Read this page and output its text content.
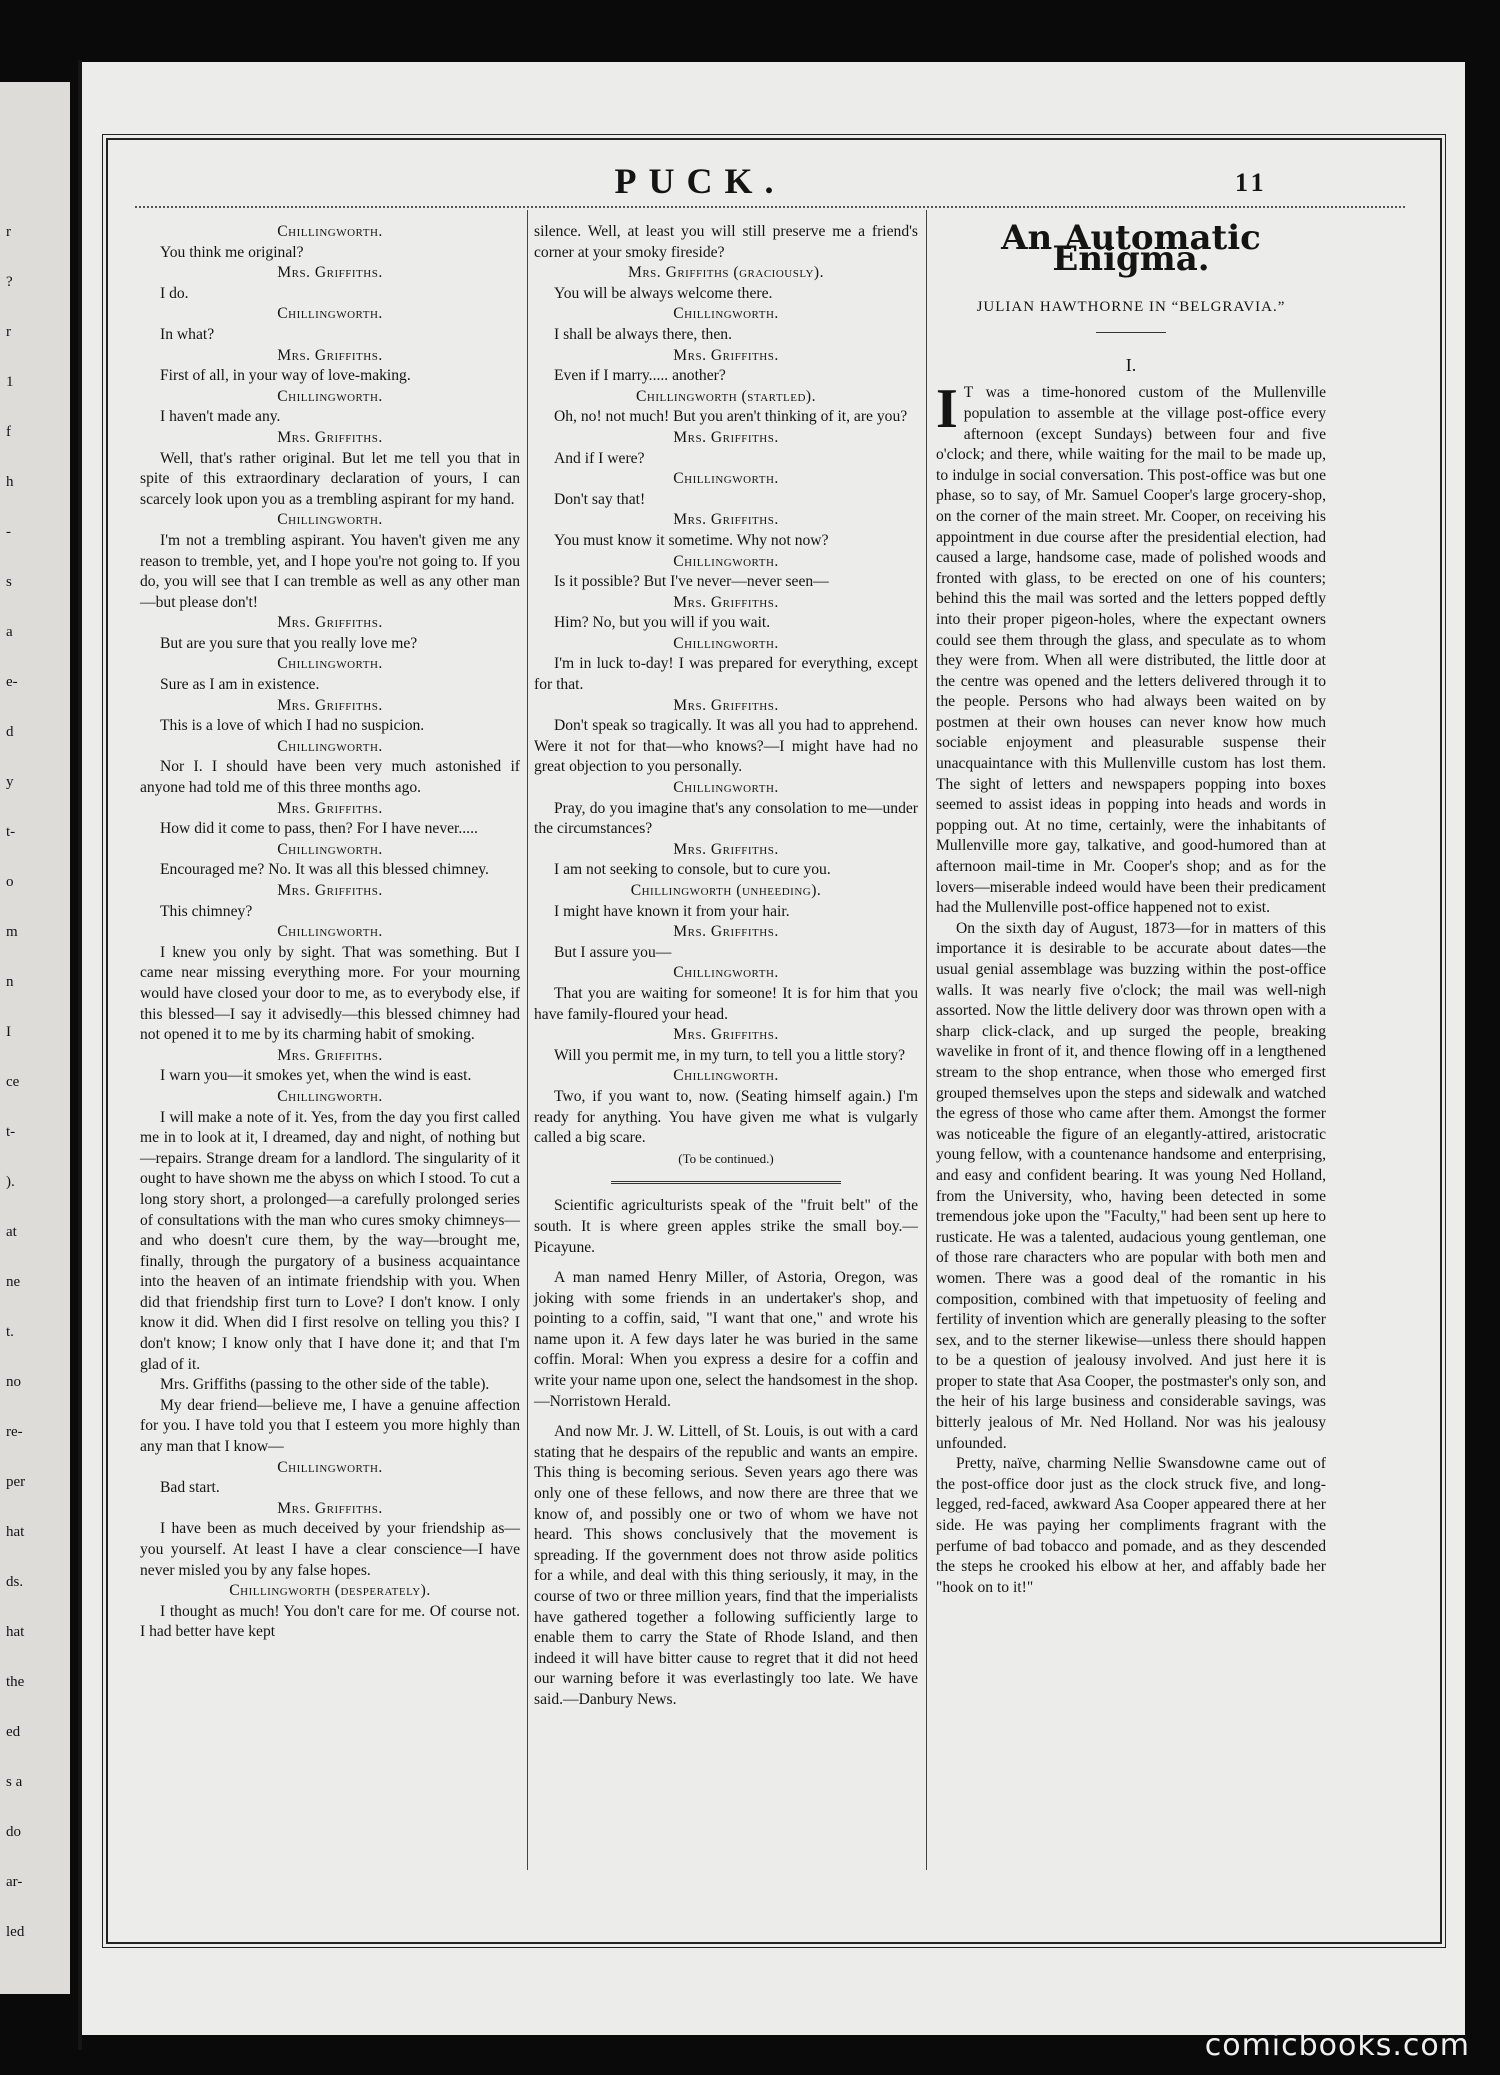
r
?
r
1
f
h
-
s
a
e-
d
y
t-
o
m
n
I
ce
t-
).
at
ne
t.
no
re-
per
hat
ds.
hat
the
ed
s a
do
ar-
led
PUCK.	11
Chillingworth.
You think me original?
Mrs. Griffiths.
I do.
Chillingworth.
In what?
Mrs. Griffiths.
First of all, in your way of love-making.
Chillingworth.
I haven't made any.
Mrs. Griffiths.
Well, that's rather original. But let me tell you that in spite of this extraordinary declaration of yours, I can scarcely look upon you as a trembling aspirant for my hand.
Chillingworth.
I'm not a trembling aspirant. You haven't given me any reason to tremble, yet, and I hope you're not going to. If you do, you will see that I can tremble as well as any other man—but please don't!
Mrs. Griffiths.
But are you sure that you really love me?
Chillingworth.
Sure as I am in existence.
Mrs. Griffiths.
This is a love of which I had no suspicion.
Chillingworth.
Nor I. I should have been very much astonished if anyone had told me of this three months ago.
Mrs. Griffiths.
How did it come to pass, then? For I have never.....
Chillingworth.
Encouraged me? No. It was all this blessed chimney.
Mrs. Griffiths.
This chimney?
Chillingworth.
I knew you only by sight. That was something. But I came near missing everything more. For your mourning would have closed your door to me, as to everybody else, if this blessed—I say it advisedly—this blessed chimney had not opened it to me by its charming habit of smoking.
Mrs. Griffiths.
I warn you—it smokes yet, when the wind is east.
Chillingworth.
I will make a note of it. Yes, from the day you first called me in to look at it, I dreamed, day and night, of nothing but—repairs. Strange dream for a landlord. The singularity of it ought to have shown me the abyss on which I stood. To cut a long story short, a prolonged—a carefully prolonged series of consultations with the man who cures smoky chimneys—and who doesn't cure them, by the way—brought me, finally, through the purgatory of a business acquaintance into the heaven of an intimate friendship with you. When did that friendship first turn to Love? I don't know. I only know it did. When did I first resolve on telling you this? I don't know; I know only that I have done it; and that I'm glad of it.
Mrs. Griffiths (passing to the other side of the table).
My dear friend—believe me, I have a genuine affection for you. I have told you that I esteem you more highly than any man that I know—
Chillingworth.
Bad start.
Mrs. Griffiths.
I have been as much deceived by your friendship as—you yourself. At least I have a clear conscience—I have never misled you by any false hopes.
Chillingworth (desperately).
I thought as much! You don't care for me. Of course not. I had better have kept
silence. Well, at least you will still preserve me a friend's corner at your smoky fireside?
Mrs. Griffiths (graciously).
You will be always welcome there.
Chillingworth.
I shall be always there, then.
Mrs. Griffiths.
Even if I marry..... another?
Chillingworth (startled).
Oh, no! not much! But you aren't thinking of it, are you?
Mrs. Griffiths.
And if I were?
Chillingworth.
Don't say that!
Mrs. Griffiths.
You must know it sometime. Why not now?
Chillingworth.
Is it possible? But I've never—never seen—
Mrs. Griffiths.
Him? No, but you will if you wait.
Chillingworth.
I'm in luck to-day! I was prepared for everything, except for that.
Mrs. Griffiths.
Don't speak so tragically. It was all you had to apprehend. Were it not for that—who knows?—I might have had no great objection to you personally.
Chillingworth.
Pray, do you imagine that's any consolation to me—under the circumstances?
Mrs. Griffiths.
I am not seeking to console, but to cure you.
Chillingworth (unheeding).
I might have known it from your hair.
Mrs. Griffiths.
But I assure you—
Chillingworth.
That you are waiting for someone! It is for him that you have family-floured your head.
Mrs. Griffiths.
Will you permit me, in my turn, to tell you a little story?
Chillingworth.
Two, if you want to, now. (Seating himself again.) I'm ready for anything. You have given me what is vulgarly called a big scare.
(To be continued.)
Scientific agriculturists speak of the "fruit belt" of the south. It is where green apples strike the small boy.—Picayune.
A man named Henry Miller, of Astoria, Oregon, was joking with some friends in an undertaker's shop, and pointing to a coffin, said, "I want that one," and wrote his name upon it. A few days later he was buried in the same coffin. Moral: When you express a desire for a coffin and write your name upon one, select the handsomest in the shop.—Norristown Herald.
And now Mr. J. W. Littell, of St. Louis, is out with a card stating that he despairs of the republic and wants an empire. This thing is becoming serious. Seven years ago there was only one of these fellows, and now there are three that we know of, and possibly one or two of whom we have not heard. This shows conclusively that the movement is spreading. If the government does not throw aside politics for a while, and deal with this thing seriously, it may, in the course of two or three million years, find that the imperialists have gathered together a following sufficiently large to enable them to carry the State of Rhode Island, and then indeed it will have bitter cause to regret that it did not heed our warning before it was everlastingly too late. We have said.—Danbury News.
An Automatic Enigma.
JULIAN HAWTHORNE IN “BELGRAVIA.”
I.
I T was a time-honored custom of the Mullenville population to assemble at the village post-office every afternoon (except Sundays) between four and five o'clock; and there, while waiting for the mail to be made up, to indulge in social conversation. This post-office was but one phase, so to say, of Mr. Samuel Cooper's large grocery-shop, on the corner of the main street. Mr. Cooper, on receiving his appointment in due course after the presidential election, had caused a large, handsome case, made of polished woods and fronted with glass, to be erected on one of his counters; behind this the mail was sorted and the letters popped deftly into their proper pigeon-holes, where the expectant owners could see them through the glass, and speculate as to whom they were from. When all were distributed, the little door at the centre was opened and the letters delivered through it to the people. Persons who had always been waited on by postmen at their own houses can never know how much sociable enjoyment and pleasurable suspense their unacquaintance with this Mullenville custom has lost them. The sight of letters and newspapers popping into boxes seemed to assist ideas in popping into heads and words in popping out. At no time, certainly, were the inhabitants of Mullenville more gay, talkative, and good-humored than at afternoon mail-time in Mr. Cooper's shop; and as for the lovers—miserable indeed would have been their predicament had the Mullenville post-office happened not to exist.
On the sixth day of August, 1873—for in matters of this importance it is desirable to be accurate about dates—the usual genial assemblage was buzzing within the post-office walls. It was nearly five o'clock; the mail was well-nigh assorted. Now the little delivery door was thrown open with a sharp click-clack, and up surged the people, breaking wavelike in front of it, and thence flowing off in a lengthened stream to the shop entrance, when those who emerged first grouped themselves upon the steps and sidewalk and watched the egress of those who came after them. Amongst the former was noticeable the figure of an elegantly-attired, aristocratic young fellow, with a countenance handsome and enterprising, and easy and confident bearing. It was young Ned Holland, from the University, who, having been detected in some tremendous joke upon the "Faculty," had been sent up here to rusticate. He was a talented, audacious young gentleman, one of those rare characters who are popular with both men and women. There was a good deal of the romantic in his composition, combined with that impetuosity of feeling and fertility of invention which are generally pleasing to the softer sex, and to the sterner likewise—unless there should happen to be a question of jealousy involved. And just here it is proper to state that Asa Cooper, the postmaster's only son, and the heir of his large business and considerable savings, was bitterly jealous of Mr. Ned Holland. Nor was his jealousy unfounded.
Pretty, naïve, charming Nellie Swansdowne came out of the post-office door just as the clock struck five, and long-legged, red-faced, awkward Asa Cooper appeared there at her side. He was paying her compliments fragrant with the perfume of bad tobacco and pomade, and as they descended the steps he crooked his elbow at her, and affably bade her "hook on to it!"
comicbooks.com
